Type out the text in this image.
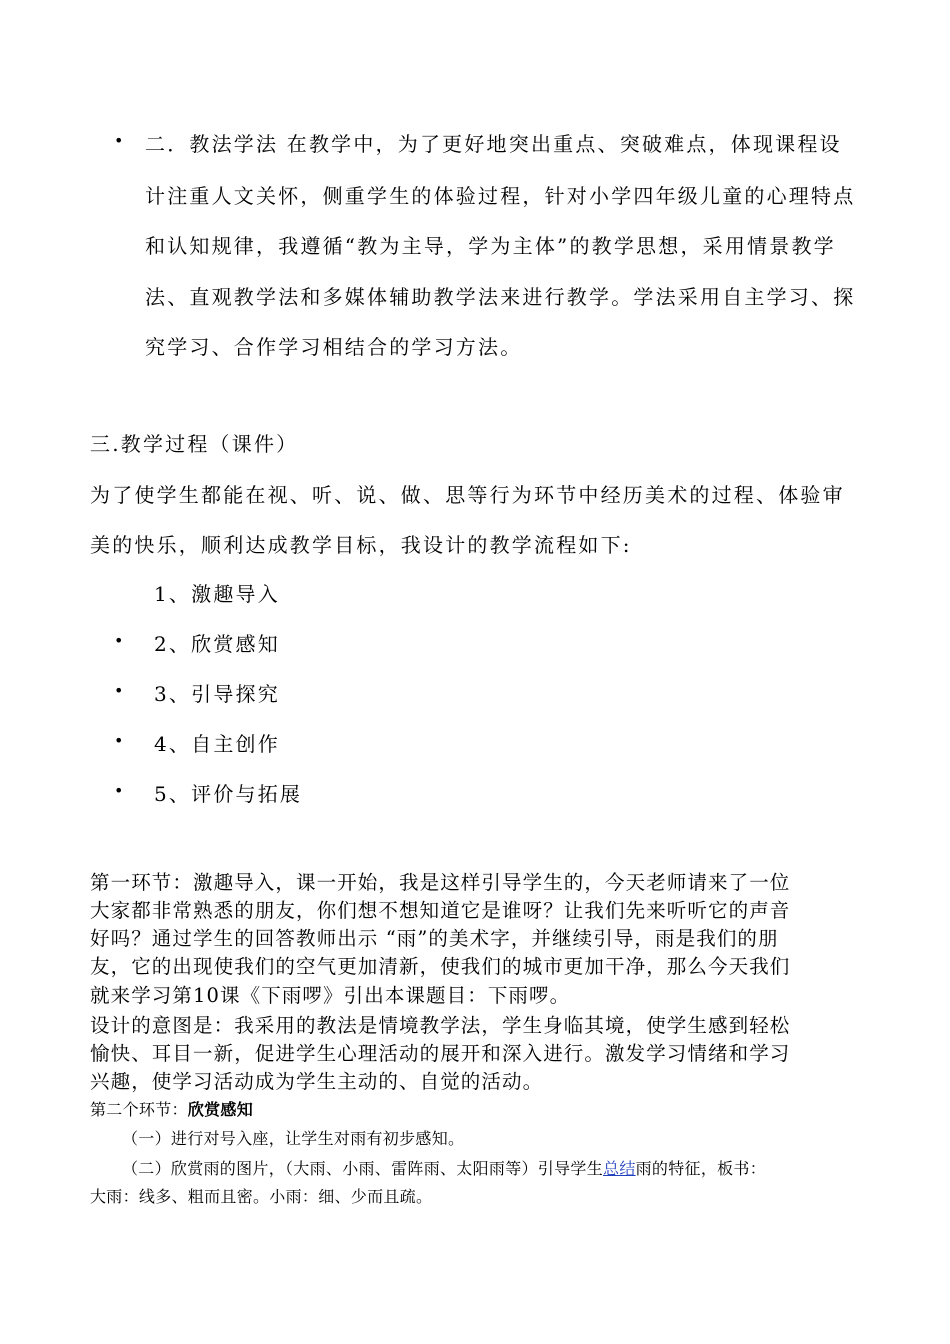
• 二．教法学法 在教学中，为了更好地突出重点、突破难点，体现课程设
计注重人文关怀，侧重学生的体验过程，针对小学四年级儿童的心理特点
和认知规律，我遵循“教为主导，学为主体”的教学思想，采用情景教学
法、直观教学法和多媒体辅助教学法来进行教学。学法采用自主学习、探
究学习、合作学习相结合的学习方法。
三.教学过程（课件）
为了使学生都能在视、听、说、做、思等行为环节中经历美术的过程、体验审
美的快乐，顺利达成教学目标，我设计的教学流程如下:
1、激趣导入
• 2、欣赏感知
• 3、引导探究
• 4、自主创作
• 5、评价与拓展
第一环节：激趣导入，课一开始，我是这样引导学生的，今天老师请来了一位
大家都非常熟悉的朋友，你们想不想知道它是谁呀？让我们先来听听它的声音
好吗？通过学生的回答教师出示 “雨”的美术字，并继续引导，雨是我们的朋
友，它的出现使我们的空气更加清新，使我们的城市更加干净，那么今天我们
就来学习第10课《下雨啰》引出本课题目：下雨啰。
设计的意图是：我采用的教法是情境教学法，学生身临其境，使学生感到轻松
愉快、耳目一新，促进学生心理活动的展开和深入进行。激发学习情绪和学习
兴趣，使学习活动成为学生主动的、自觉的活动。
第二个环节：欣赏感知
（一）进行对号入座，让学生对雨有初步感知。
（二）欣赏雨的图片，（大雨、小雨、雷阵雨、太阳雨等）引导学生总结雨的特征，板书：
大雨：线多、粗而且密。小雨：细、少而且疏。
